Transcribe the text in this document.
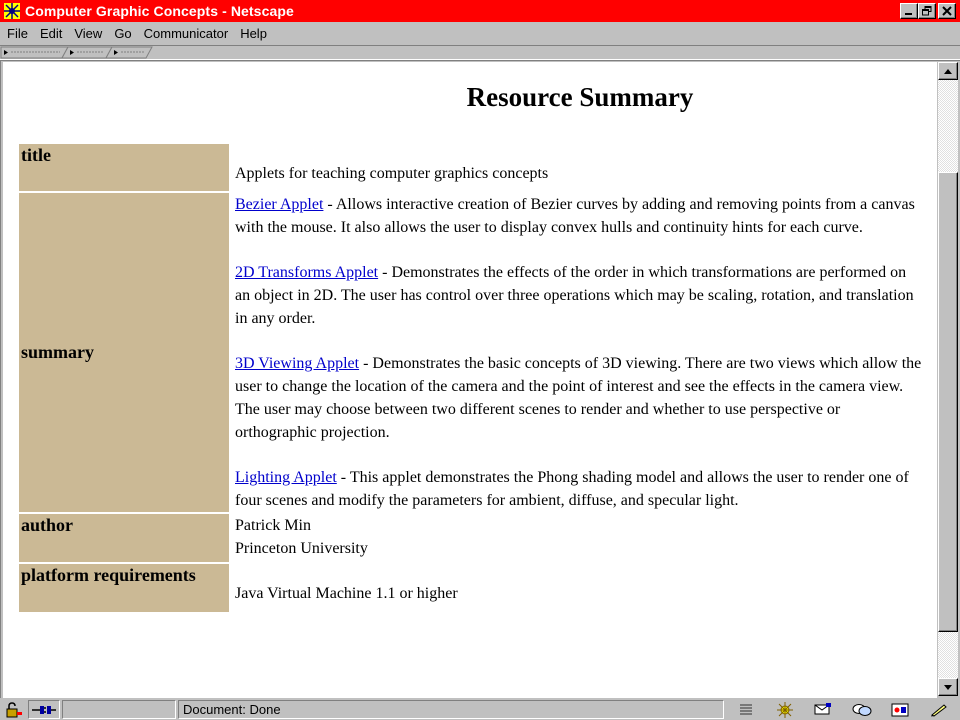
Computer Graphic Concepts - Netscape
File Edit View Go Communicator Help
Resource Summary
title	Applets for teaching computer graphics concepts
summary	Bezier Applet - Allows interactive creation of Bezier curves by adding and removing points from a canvas with the mouse. It also allows the user to display convex hulls and continuity hints for each curve.

2D Transforms Applet - Demonstrates the effects of the order in which transformations are performed on an object in 2D. The user has control over three operations which may be scaling, rotation, and translation in any order.

3D Viewing Applet - Demonstrates the basic concepts of 3D viewing. There are two views which allow the user to change the location of the camera and the point of interest and see the effects in the camera view. The user may choose between two different scenes to render and whether to use perspective or orthographic projection.

Lighting Applet - This applet demonstrates the Phong shading model and allows the user to render one of four scenes and modify the parameters for ambient, diffuse, and specular light.

author	Patrick Min
Princeton University

platform requirements	Java Virtual Machine 1.1 or higher
Document: Done
